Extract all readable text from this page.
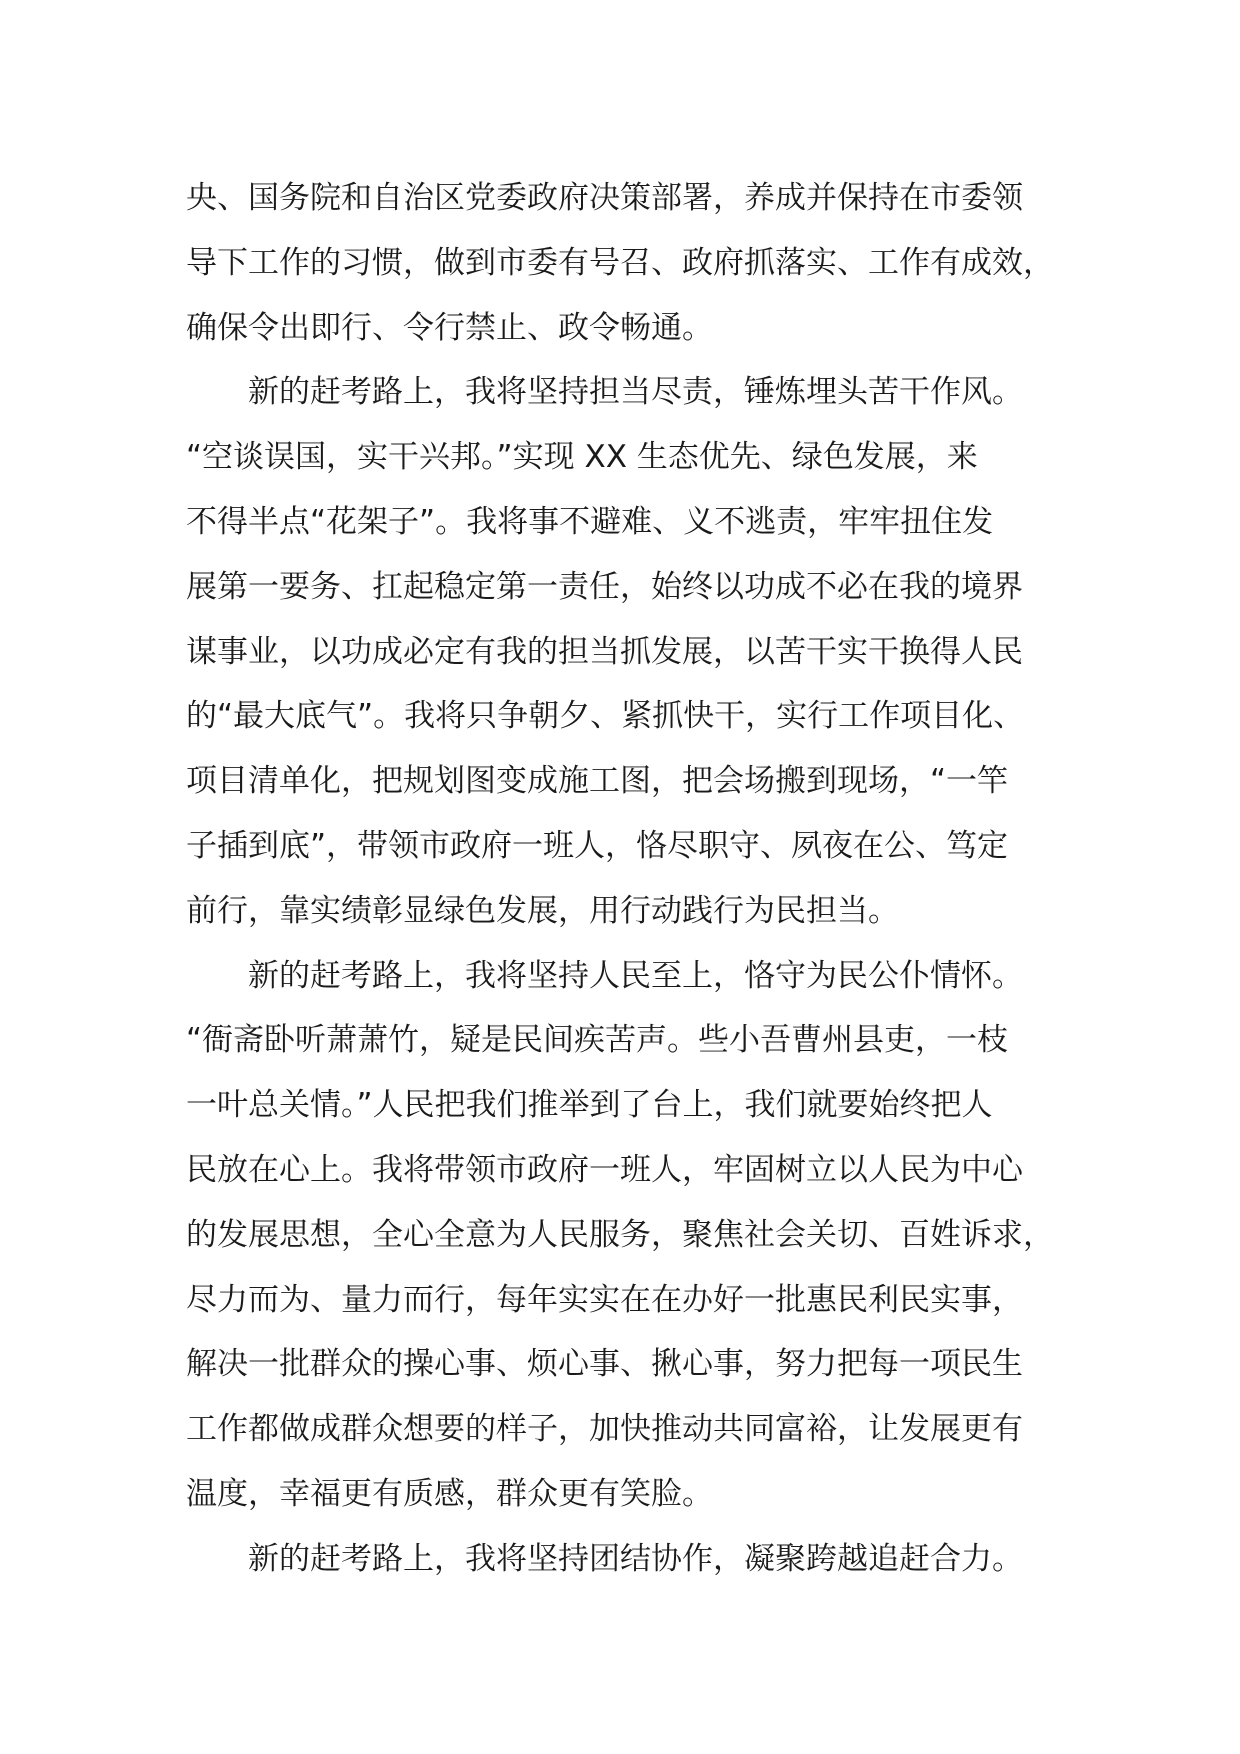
央、国务院和自治区党委政府决策部署，养成并保持在市委领
导下工作的习惯，做到市委有号召、政府抓落实、工作有成效，
确保令出即行、令行禁止、政令畅通。
新的赶考路上，我将坚持担当尽责，锤炼埋头苦干作风。
“空谈误国，实干兴邦。”实现 XX 生态优先、绿色发展，来
不得半点“花架子”。我将事不避难、义不逃责，牢牢扭住发
展第一要务、扛起稳定第一责任，始终以功成不必在我的境界
谋事业，以功成必定有我的担当抓发展，以苦干实干换得人民
的“最大底气”。我将只争朝夕、紧抓快干，实行工作项目化、
项目清单化，把规划图变成施工图，把会场搬到现场，“一竿
子插到底”，带领市政府一班人，恪尽职守、夙夜在公、笃定
前行，靠实绩彰显绿色发展，用行动践行为民担当。
新的赶考路上，我将坚持人民至上，恪守为民公仆情怀。
“衙斋卧听萧萧竹，疑是民间疾苦声。些小吾曹州县吏，一枝
一叶总关情。”人民把我们推举到了台上，我们就要始终把人
民放在心上。我将带领市政府一班人，牢固树立以人民为中心
的发展思想，全心全意为人民服务，聚焦社会关切、百姓诉求，
尽力而为、量力而行，每年实实在在办好一批惠民利民实事，
解决一批群众的操心事、烦心事、揪心事，努力把每一项民生
工作都做成群众想要的样子，加快推动共同富裕，让发展更有
温度，幸福更有质感，群众更有笑脸。
新的赶考路上，我将坚持团结协作，凝聚跨越追赶合力。
